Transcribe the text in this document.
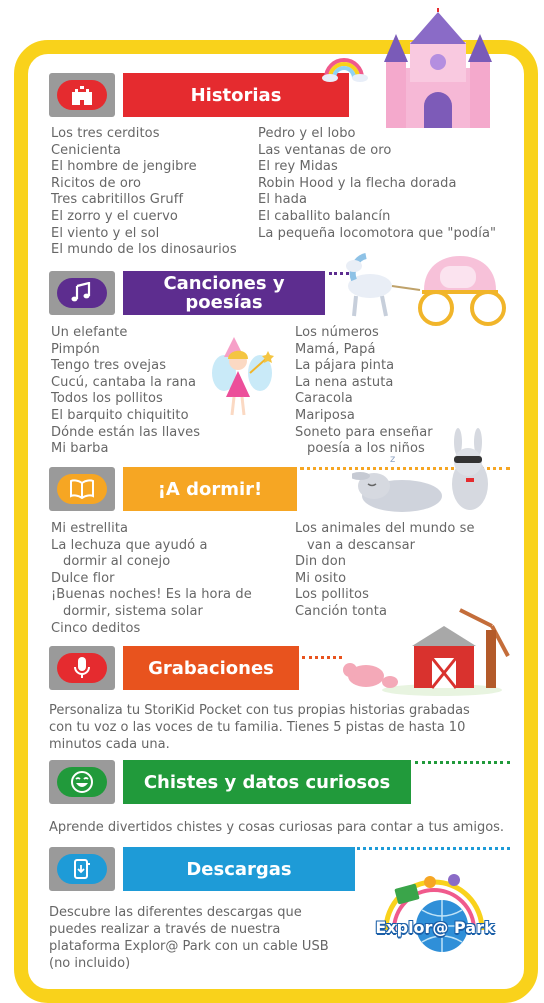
Historias
Los tres cerditos
Cenicienta
El hombre de jengibre
Ricitos de oro
Tres cabritillos Gruff
El zorro y el cuervo
El viento y el sol
El mundo de los dinosaurios
Pedro y el lobo
Las ventanas de oro
El rey Midas
Robin Hood y la flecha dorada
El hada
El caballito balancín
La pequeña locomotora que "podía"
Canciones y
poesías
Un elefante
Pimpón
Tengo tres ovejas
Cucú, cantaba la rana
Todos los pollitos
El barquito chiquitito
Dónde están las llaves
Mi barba
Los números
Mamá, Papá
La pájara pinta
La nena astuta
Caracola
Mariposa
Soneto para enseñar
poesía a los niños
¡A dormir!
z
Mi estrellita
La lechuza que ayudó a
dormir al conejo
Dulce flor
¡Buenas noches! Es la hora de
dormir, sistema solar
Cinco deditos
Los animales del mundo se
van a descansar
Din don
Mi osito
Los pollitos
Canción tonta
Grabaciones
Personaliza tu StoriKid Pocket con tus propias historias grabadas con tu voz o las voces de tu familia. Tienes 5 pistas de hasta 10 minutos cada una.
Chistes y datos curiosos
Aprende divertidos chistes y cosas curiosas para contar a tus amigos.
Descargas
Descubre las diferentes descargas que puedes realizar a través de nuestra plataforma Explor@ Park con un cable USB (no incluido)
Explor@ Park
